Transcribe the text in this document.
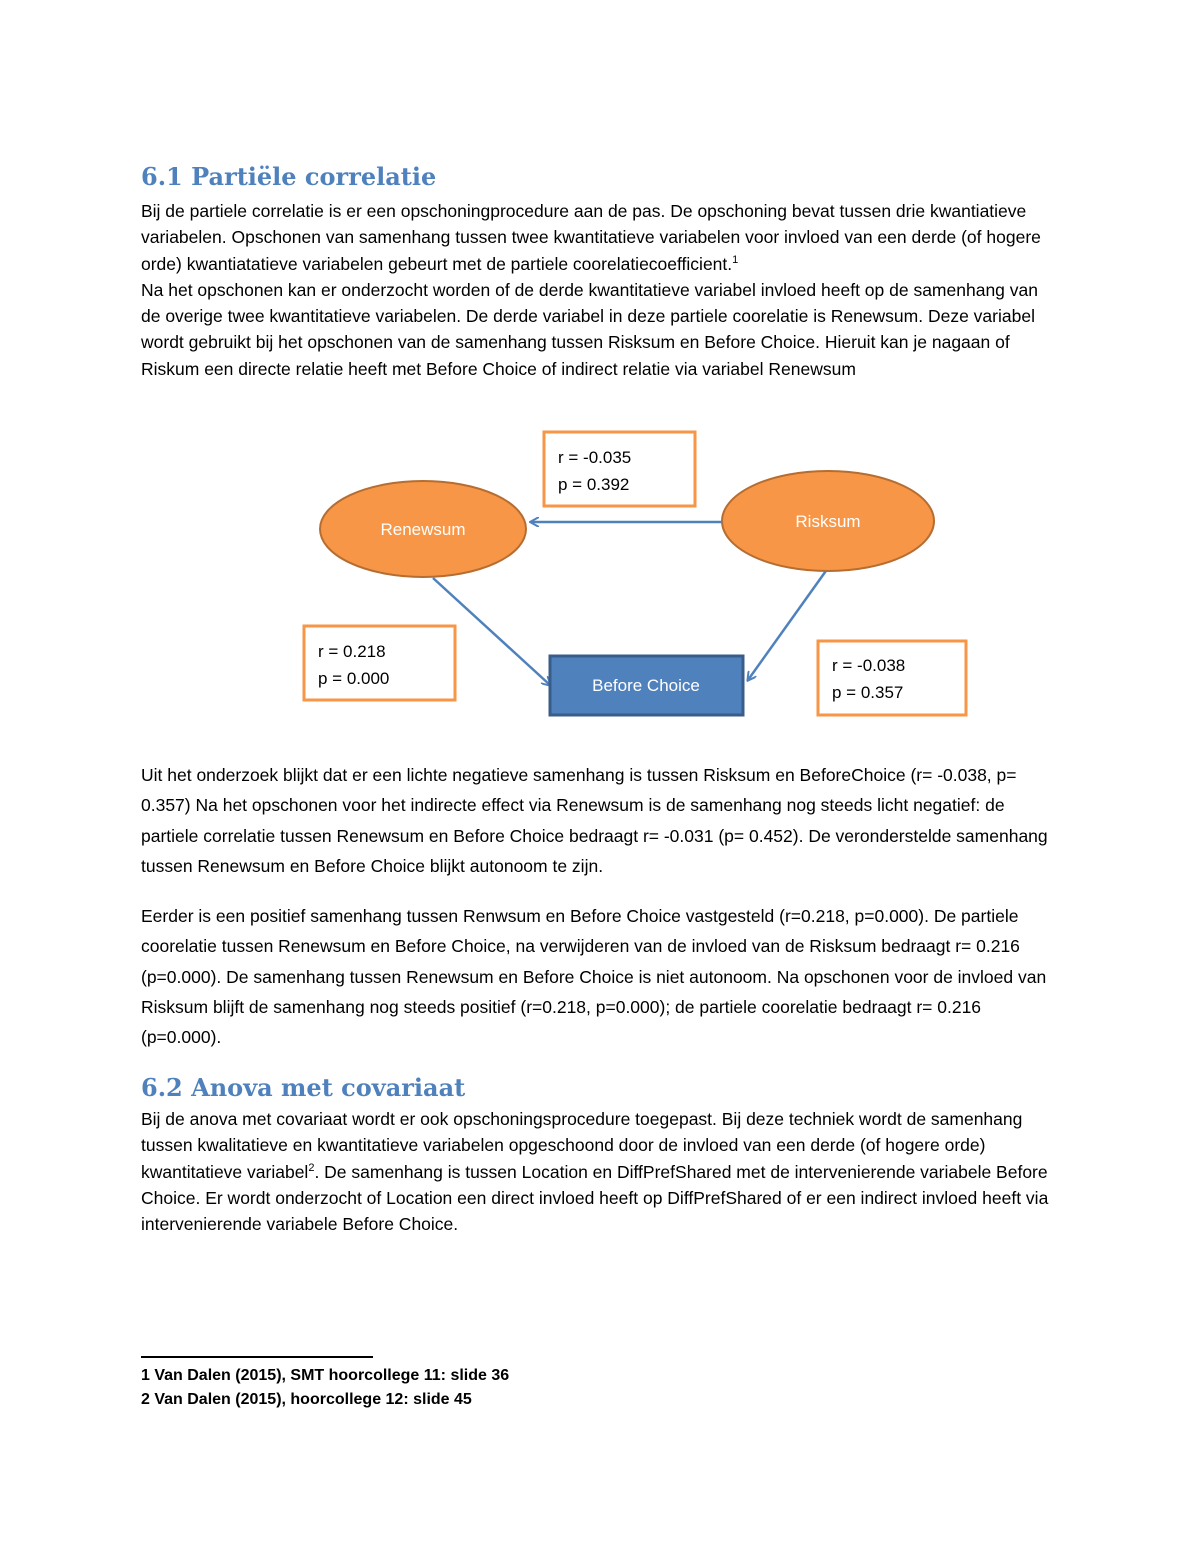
6.1 Partiële correlatie

Bij de partiele correlatie is er een opschoningprocedure aan de pas. De opschoning bevat tussen drie kwantiatieve variabelen. Opschonen van samenhang tussen twee kwantitatieve variabelen voor invloed van een derde (of hogere orde) kwantiatatieve variabelen gebeurt met de partiele coorelatiecoefficient.$^1$
Na het opschonen kan er onderzocht worden of de derde kwantitatieve variabel invloed heeft op de samenhang van de overige twee kwantitatieve variabelen. De derde variabel in deze partiele coorelatie is Renewsum. Deze variabel wordt gebruikt bij het opschonen van de samenhang tussen Risksum en Before Choice. Hieruit kan je nagaan of Riskum een directe relatie heeft met Before Choice of indirect relatie via variabel Renewsum

Renewsum	Risksum
Before Choice
r = -0.035
p = 0.392
r = 0.218
p = 0.000
r = -0.038
p = 0.357

Uit het onderzoek blijkt dat er een lichte negatieve samenhang is tussen Risksum en BeforeChoice (r= -0.038, p= 0.357) Na het opschonen voor het indirecte effect via Renewsum is de samenhang nog steeds licht negatief: de partiele correlatie tussen Renewsum en Before Choice bedraagt r= -0.031 (p= 0.452). De veronderstelde samenhang tussen Renewsum en Before Choice blijkt autonoom te zijn.

Eerder is een positief samenhang tussen Renwsum en Before Choice vastgesteld (r=0.218, p=0.000). De partiele coorelatie tussen Renewsum en Before Choice, na verwijderen van de invloed van de Risksum bedraagt r= 0.216 (p=0.000). De samenhang tussen Renewsum en Before Choice is niet autonoom. Na opschonen voor de invloed van Risksum blijft de samenhang nog steeds positief (r=0.218, p=0.000); de partiele coorelatie bedraagt r= 0.216 (p=0.000).

6.2 Anova met covariaat

Bij de anova met covariaat wordt er ook opschoningsprocedure toegepast. Bij deze techniek wordt de samenhang tussen kwalitatieve en kwantitatieve variabelen opgeschoond door de invloed van een derde (of hogere orde) kwantitatieve variabel$^2$. De samenhang is tussen Location en DiffPrefShared met de intervenierende variabele Before Choice. Er wordt onderzocht of Location een direct invloed heeft op DiffPrefShared of er een indirect invloed heeft via intervenierende variabele Before Choice.

1 Van Dalen (2015), SMT hoorcollege 11: slide 36

2 Van Dalen (2015), hoorcollege 12: slide 45
